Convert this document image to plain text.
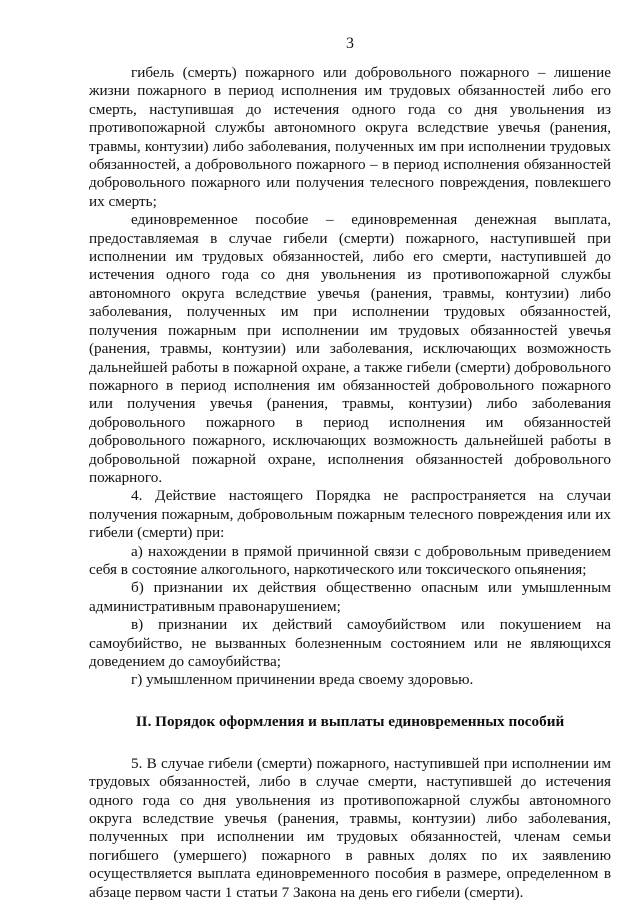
3

гибель (смерть) пожарного или добровольного пожарного – лишение жизни пожарного в период исполнения им трудовых обязанностей либо его смерть, наступившая до истечения одного года со дня увольнения из противопожарной службы автономного округа вследствие увечья (ранения, травмы, контузии) либо заболевания, полученных им при исполнении трудовых обязанностей, а добровольного пожарного – в период исполнения обязанностей добровольного пожарного или получения телесного повреждения, повлекшего их смерть;

единовременное пособие – единовременная денежная выплата, предоставляемая в случае гибели (смерти) пожарного, наступившей при исполнении им трудовых обязанностей, либо его смерти, наступившей до истечения одного года со дня увольнения из противопожарной службы автономного округа вследствие увечья (ранения, травмы, контузии) либо заболевания, полученных им при исполнении трудовых обязанностей, получения пожарным при исполнении им трудовых обязанностей увечья (ранения, травмы, контузии) или заболевания, исключающих возможность дальнейшей работы в пожарной охране, а также гибели (смерти) добровольного пожарного в период исполнения им обязанностей добровольного пожарного или получения увечья (ранения, травмы, контузии) либо заболевания добровольного пожарного в период исполнения им обязанностей добровольного пожарного, исключающих возможность дальнейшей работы в добровольной пожарной охране, исполнения обязанностей добровольного пожарного.

4. Действие настоящего Порядка не распространяется на случаи получения пожарным, добровольным пожарным телесного повреждения или их гибели (смерти) при:

а) нахождении в прямой причинной связи с добровольным приведением себя в состояние алкогольного, наркотического или токсического опьянения;

б) признании их действия общественно опасным или умышленным административным правонарушением;

в) признании их действий самоубийством или покушением на самоубийство, не вызванных болезненным состоянием или не являющихся доведением до самоубийства;

г) умышленном причинении вреда своему здоровью.

II. Порядок оформления и выплаты единовременных пособий

5. В случае гибели (смерти) пожарного, наступившей при исполнении им трудовых обязанностей, либо в случае смерти, наступившей до истечения одного года со дня увольнения из противопожарной службы автономного округа вследствие увечья (ранения, травмы, контузии) либо заболевания, полученных при исполнении им трудовых обязанностей, членам семьи погибшего (умершего) пожарного в равных долях по их заявлению осуществляется выплата единовременного пособия в размере, определенном в абзаце первом части 1 статьи 7 Закона на день его гибели (смерти).
